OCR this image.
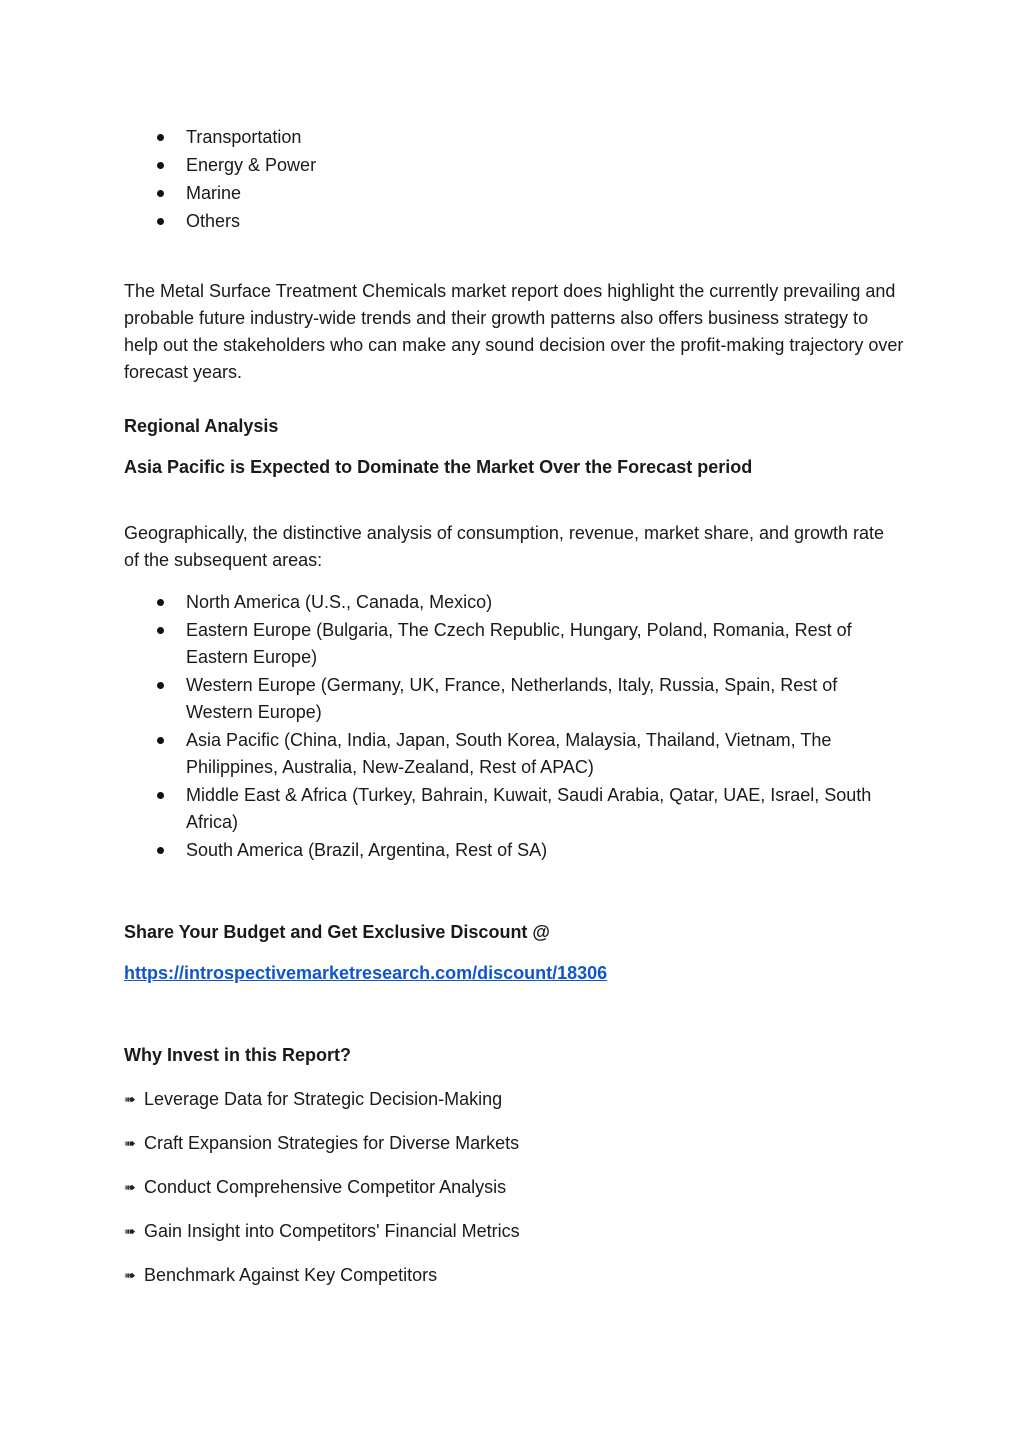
Transportation
Energy & Power
Marine
Others

The Metal Surface Treatment Chemicals market report does highlight the currently prevailing and probable future industry-wide trends and their growth patterns also offers business strategy to help out the stakeholders who can make any sound decision over the profit-making trajectory over forecast years.

Regional Analysis

Asia Pacific is Expected to Dominate the Market Over the Forecast period

Geographically, the distinctive analysis of consumption, revenue, market share, and growth rate of the subsequent areas:

North America (U.S., Canada, Mexico)
Eastern Europe (Bulgaria, The Czech Republic, Hungary, Poland, Romania, Rest of Eastern Europe)
Western Europe (Germany, UK, France, Netherlands, Italy, Russia, Spain, Rest of Western Europe)
Asia Pacific (China, India, Japan, South Korea, Malaysia, Thailand, Vietnam, The Philippines, Australia, New-Zealand, Rest of APAC)
Middle East & Africa (Turkey, Bahrain, Kuwait, Saudi Arabia, Qatar, UAE, Israel, South Africa)
South America (Brazil, Argentina, Rest of SA)

Share Your Budget and Get Exclusive Discount @

https://introspectivemarketresearch.com/discount/18306

Why Invest in this Report?

➠ Leverage Data for Strategic Decision-Making

➠ Craft Expansion Strategies for Diverse Markets

➠ Conduct Comprehensive Competitor Analysis

➠ Gain Insight into Competitors' Financial Metrics

➠ Benchmark Against Key Competitors
